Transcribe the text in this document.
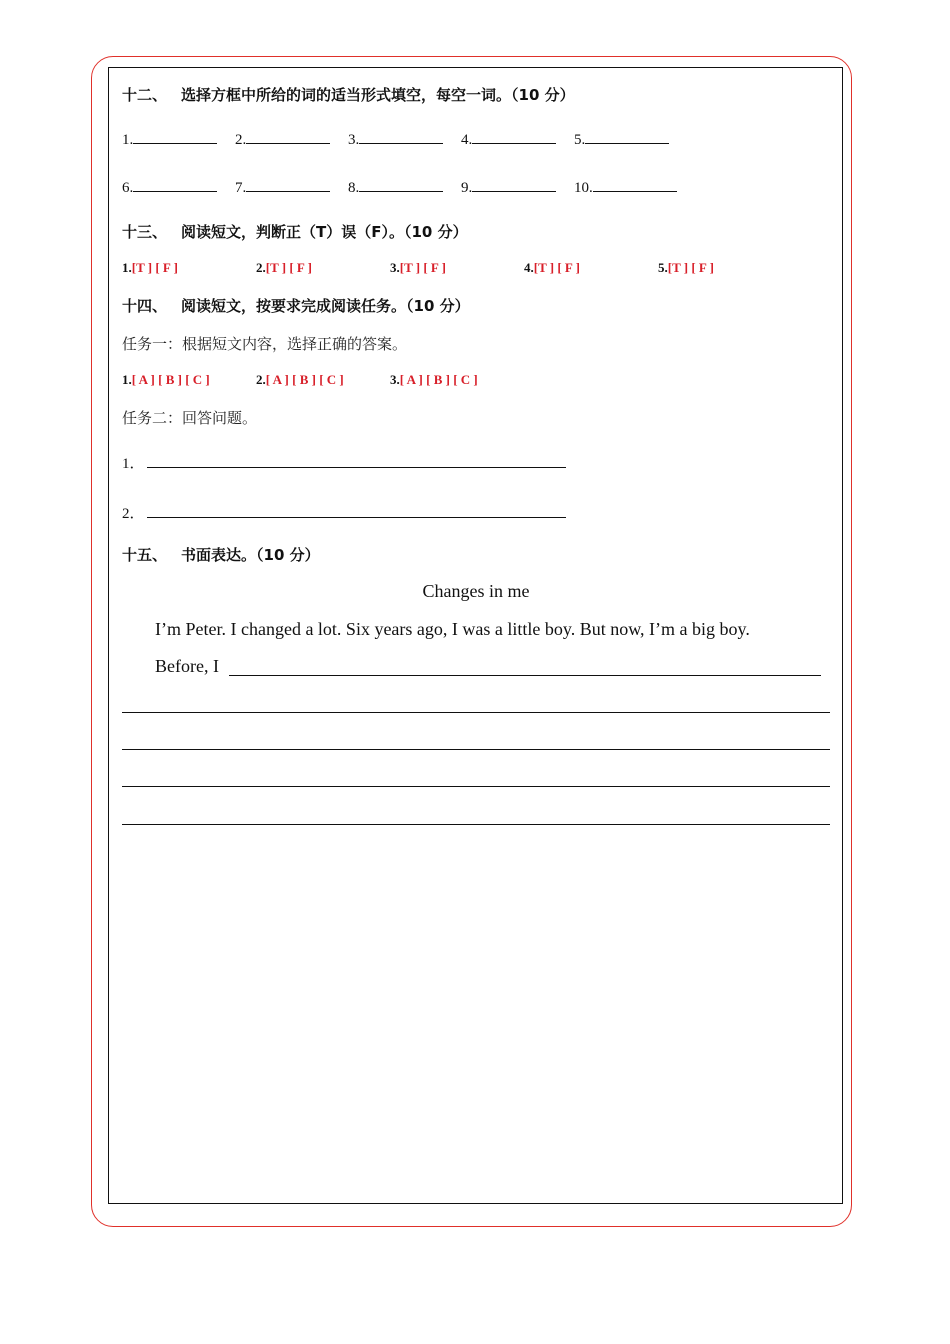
十二、 选择方框中所给的词的适当形式填空，每空一词。（10 分）
1.	2.	3.	4.	5.
6.	7.	8.	9.	10.
十三、 阅读短文，判断正（T）误（F）。（10 分）
1.[T ] [ F ]	2.[T ] [ F ]	3.[T ] [ F ]	4.[T ] [ F ]	5.[T ] [ F ]
十四、 阅读短文，按要求完成阅读任务。（10 分）
任务一：根据短文内容，选择正确的答案。
1.[ A ] [ B ] [ C ]	2.[ A ] [ B ] [ C ]	3.[ A ] [ B ] [ C ]
任务二：回答问题。
1．
2．
十五、 书面表达。（10 分）
Changes in me
I’m Peter. I changed a lot. Six years ago, I was a little boy. But now, I’m a big boy.
Before, I
